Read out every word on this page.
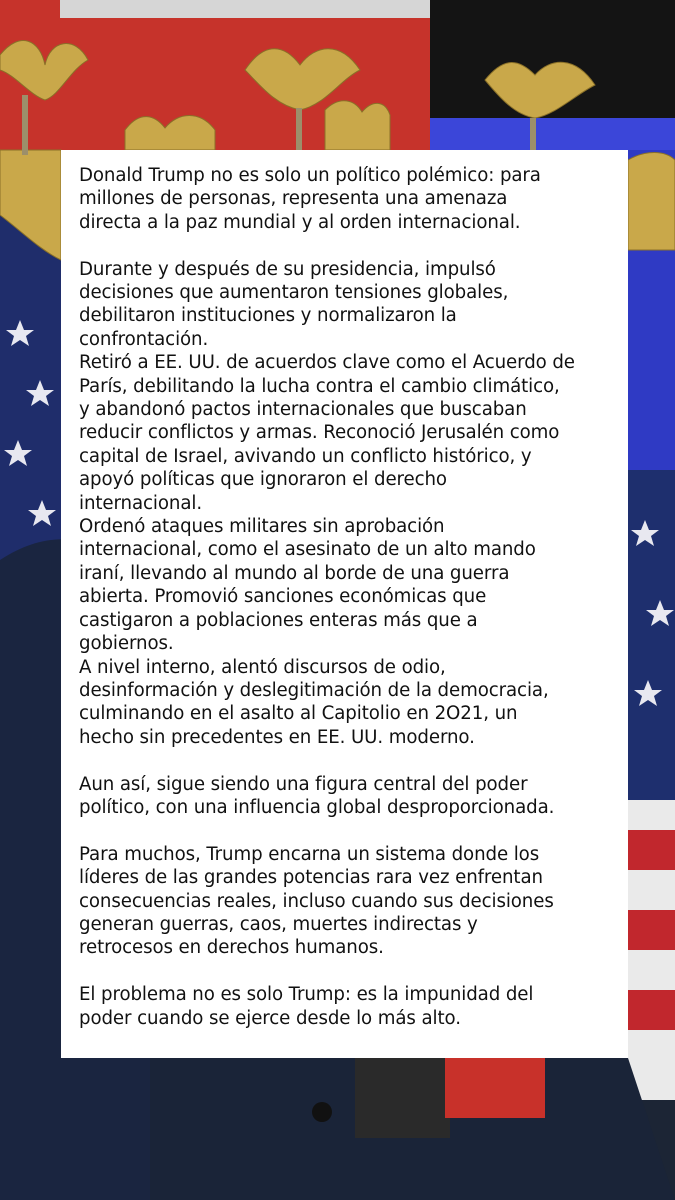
Donald Trump no es solo un político polémico: para
millones de personas, representa una amenaza
directa a la paz mundial y al orden internacional.

Durante y después de su presidencia, impulsó
decisiones que aumentaron tensiones globales,
debilitaron instituciones y normalizaron la
confrontación.
Retiró a EE. UU. de acuerdos clave como el Acuerdo de
París, debilitando la lucha contra el cambio climático,
y abandonó pactos internacionales que buscaban
reducir conflictos y armas. Reconoció Jerusalén como
capital de Israel, avivando un conflicto histórico, y
apoyó políticas que ignoraron el derecho
internacional.
Ordenó ataques militares sin aprobación
internacional, como el asesinato de un alto mando
iraní, llevando al mundo al borde de una guerra
abierta. Promovió sanciones económicas que
castigaron a poblaciones enteras más que a
gobiernos.
A nivel interno, alentó discursos de odio,
desinformación y deslegitimación de la democracia,
culminando en el asalto al Capitolio en 2O21, un
hecho sin precedentes en EE. UU. moderno.

Aun así, sigue siendo una figura central del poder
político, con una influencia global desproporcionada.

Para muchos, Trump encarna un sistema donde los
líderes de las grandes potencias rara vez enfrentan
consecuencias reales, incluso cuando sus decisiones
generan guerras, caos, muertes indirectas y
retrocesos en derechos humanos.

El problema no es solo Trump: es la impunidad del
poder cuando se ejerce desde lo más alto.
